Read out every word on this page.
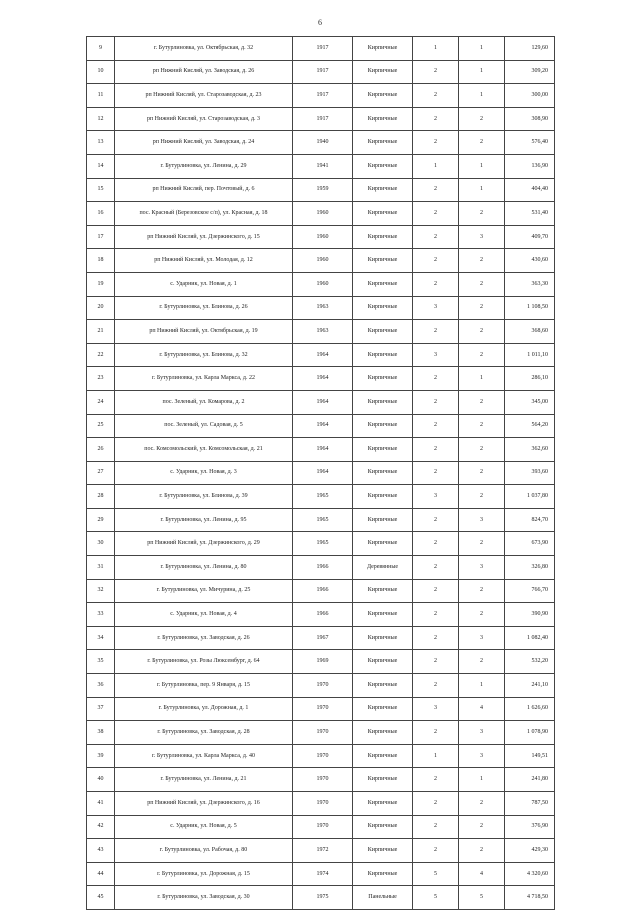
6
9	г. Бутурлиновка, ул. Октябрьская, д. 32	1917	Кирпичные	1	1	129,60
10	рп Нижний Кисляй, ул. Заводская, д. 26	1917	Кирпичные	2	1	309,20
11	рп Нижний Кисляй, ул. Старозаводская, д. 23	1917	Кирпичные	2	1	300,00
12	рп Нижний Кисляй, ул. Старозаводская, д. 3	1917	Кирпичные	2	2	308,90
13	рп Нижний Кисляй, ул. Заводская, д. 24	1940	Кирпичные	2	2	576,40
14	г. Бутурлиновка, ул. Ленина, д. 29	1941	Кирпичные	1	1	136,90
15	рп Нижний Кисляй, пер. Почтовый, д. 6	1959	Кирпичные	2	1	404,40
16	пос. Красный (Березовское с/п), ул. Красная, д. 18	1960	Кирпичные	2	2	531,40
17	рп Нижний Кисляй, ул. Дзержинского, д. 15	1960	Кирпичные	2	3	409,70
18	рп Нижний Кисляй, ул. Молодая, д. 12	1960	Кирпичные	2	2	430,60
19	с. Ударник, ул. Новая, д. 1	1960	Кирпичные	2	2	363,30
20	г. Бутурлиновка, ул. Блинова, д. 26	1963	Кирпичные	3	2	1 108,50
21	рп Нижний Кисляй, ул. Октябрьская, д. 19	1963	Кирпичные	2	2	368,60
22	г. Бутурлиновка, ул. Блинова, д. 32	1964	Кирпичные	3	2	1 011,10
23	г. Бутурлиновка, ул. Карла Маркса, д. 22	1964	Кирпичные	2	1	286,10
24	пос. Зеленый, ул. Комарова, д. 2	1964	Кирпичные	2	2	345,00
25	пос. Зеленый, ул. Садовая, д. 5	1964	Кирпичные	2	2	564,20
26	пос. Комсомольский, ул. Комсомольская, д. 21	1964	Кирпичные	2	2	362,60
27	с. Ударник, ул. Новая, д. 3	1964	Кирпичные	2	2	393,60
28	г. Бутурлиновка, ул. Блинова, д. 39	1965	Кирпичные	3	2	1 037,80
29	г. Бутурлиновка, ул. Ленина, д. 95	1965	Кирпичные	2	3	824,70
30	рп Нижний Кисляй, ул. Дзержинского, д. 29	1965	Кирпичные	2	2	673,90
31	г. Бутурлиновка, ул. Ленина, д. 80	1966	Деревянные	2	3	326,80
32	г. Бутурлиновка, ул. Мичурина, д. 25	1966	Кирпичные	2	2	766,70
33	с. Ударник, ул. Новая, д. 4	1966	Кирпичные	2	2	390,90
34	г. Бутурлиновка, ул. Заводская, д. 26	1967	Кирпичные	2	3	1 082,40
35	г. Бутурлиновка, ул. Розы Люксембург, д. 64	1969	Кирпичные	2	2	532,20
36	г. Бутурлиновка, пер. 9 Января, д. 15	1970	Кирпичные	2	1	241,10
37	г. Бутурлиновка, ул. Дорожная, д. 1	1970	Кирпичные	3	4	1 626,60
38	г. Бутурлиновка, ул. Заводская, д. 28	1970	Кирпичные	2	3	1 078,90
39	г. Бутурлиновка, ул. Карла Маркса, д. 40	1970	Кирпичные	1	3	149,51
40	г. Бутурлиновка, ул. Ленина, д. 21	1970	Кирпичные	2	1	241,80
41	рп Нижний Кисляй, ул. Дзержинского, д. 16	1970	Кирпичные	2	2	787,50
42	с. Ударник, ул. Новая, д. 5	1970	Кирпичные	2	2	376,90
43	г. Бутурлиновка, ул. Рабочая, д. 80	1972	Кирпичные	2	2	429,30
44	г. Бутурлиновка, ул. Дорожная, д. 15	1974	Кирпичные	5	4	4 320,60
45	г. Бутурлиновка, ул. Заводская, д. 30	1975	Панельные	5	5	4 718,50
